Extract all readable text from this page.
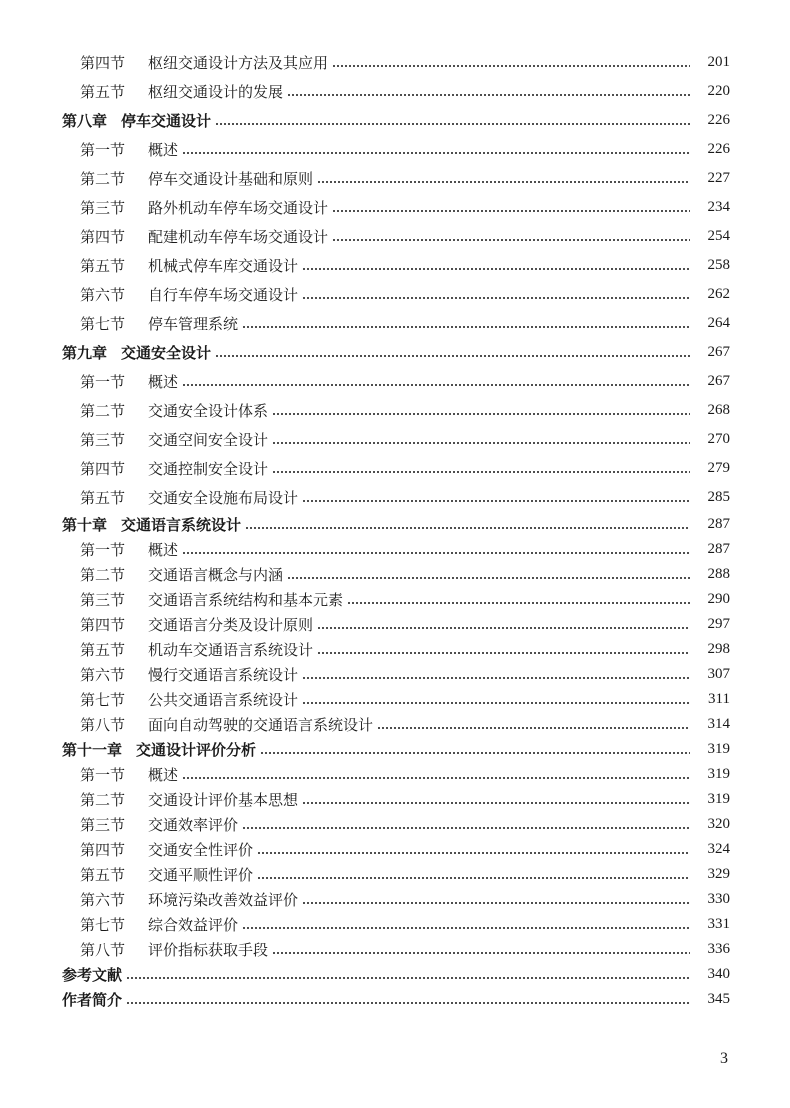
第四节	枢纽交通设计方法及其应用	201
第五节	枢纽交通设计的发展	220
第八章 停车交通设计	226
第一节	概述	226
第二节	停车交通设计基础和原则	227
第三节	路外机动车停车场交通设计	234
第四节	配建机动车停车场交通设计	254
第五节	机械式停车库交通设计	258
第六节	自行车停车场交通设计	262
第七节	停车管理系统	264
第九章 交通安全设计	267
第一节	概述	267
第二节	交通安全设计体系	268
第三节	交通空间安全设计	270
第四节	交通控制安全设计	279
第五节	交通安全设施布局设计	285
第十章 交通语言系统设计	287
第一节	概述	287
第二节	交通语言概念与内涵	288
第三节	交通语言系统结构和基本元素	290
第四节	交通语言分类及设计原则	297
第五节	机动车交通语言系统设计	298
第六节	慢行交通语言系统设计	307
第七节	公共交通语言系统设计	311
第八节	面向自动驾驶的交通语言系统设计	314
第十一章 交通设计评价分析	319
第一节	概述	319
第二节	交通设计评价基本思想	319
第三节	交通效率评价	320
第四节	交通安全性评价	324
第五节	交通平顺性评价	329
第六节	环境污染改善效益评价	330
第七节	综合效益评价	331
第八节	评价指标获取手段	336
参考文献	340
作者简介	345
3
